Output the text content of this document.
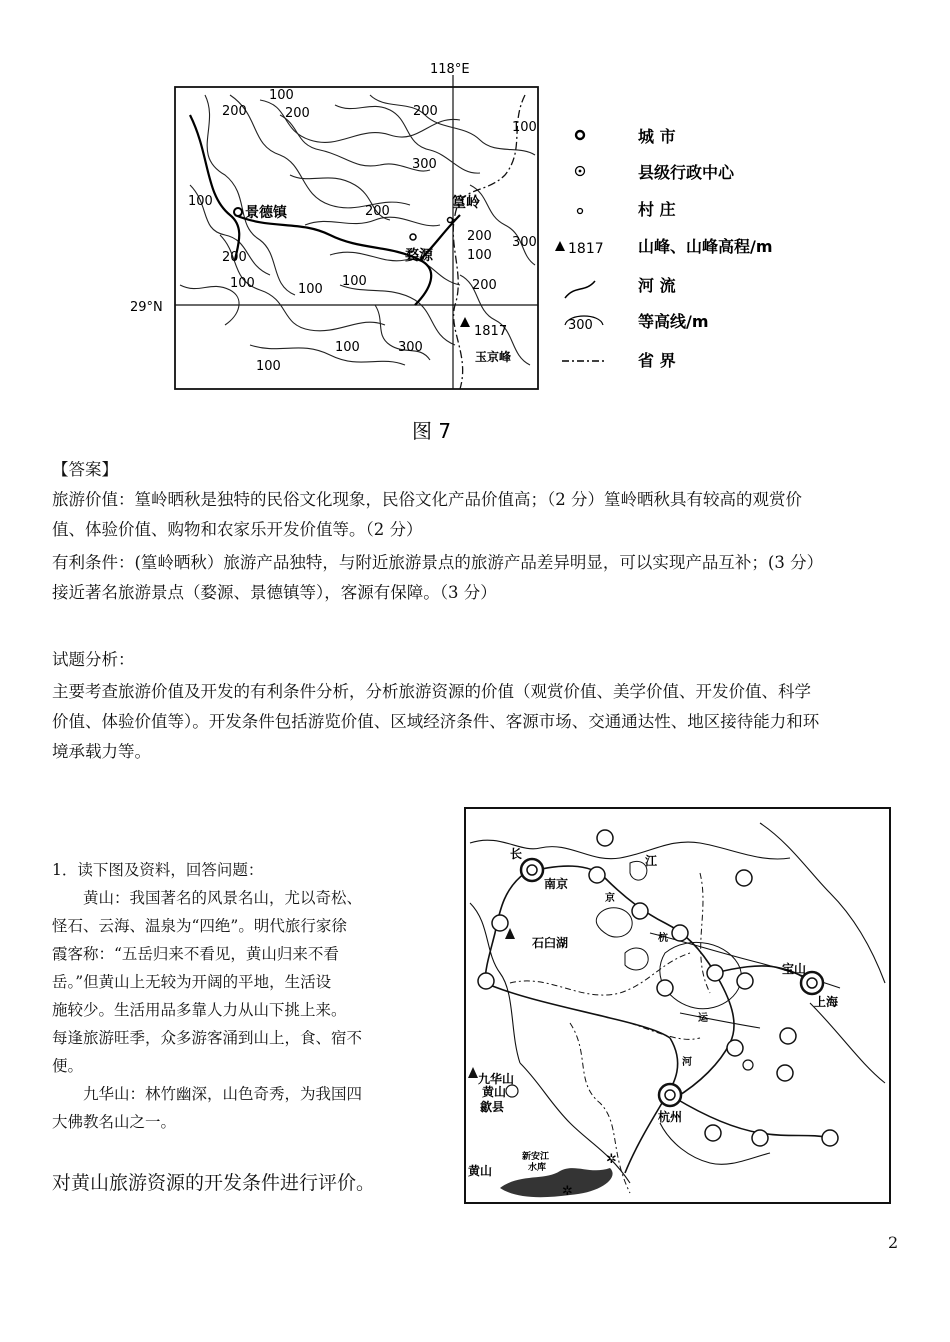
118°E
29°N
100
200	200	200
100
300
100
200
200 300
200	100
100	100
100	200
100	300
100
景德镇
婺源
篁岭
1817
玉京峰
城 市
县级行政中心
村 庄
1817 山峰、山峰高程/m
河 流
300	等高线/m
省 界
图 7
【答案】
旅游价值：篁岭晒秋是独特的民俗文化现象，民俗文化产品价值高；（2 分）篁岭晒秋具有较高的观赏价
值、体验价值、购物和农家乐开发价值等。（2 分）
有利条件：(篁岭晒秋）旅游产品独特，与附近旅游景点的旅游产品差异明显，可以实现产品互补；(3 分）
接近著名旅游景点（婺源、景德镇等），客源有保障。（3 分）
试题分析：
主要考查旅游价值及开发的有利条件分析，分析旅游资源的价值（观赏价值、美学价值、开发价值、科学
价值、体验价值等）。开发条件包括游览价值、区域经济条件、客源市场、交通通达性、地区接待能力和环
境承载力等。
1．读下图及资料，回答问题：
　　黄山：我国著名的风景名山，尤以奇松、
怪石、云海、温泉为“四绝”。明代旅行家徐
霞客称：“五岳归来不看见，黄山归来不看
岳。”但黄山上无较为开阔的平地，生活设
施较少。生活用品多靠人力从山下挑上来。
每逢旅游旺季，众多游客涌到山上，食、宿不
便。
　　九华山：林竹幽深，山色奇秀，为我国四
大佛教名山之一。
对黄山旅游资源的开发条件进行评价。
✲
✲
南京
上海
杭州
宝山
石臼湖
九华山
黄山
歙县
黄山
江
长
京
杭
运
河
新安江
水库
2
